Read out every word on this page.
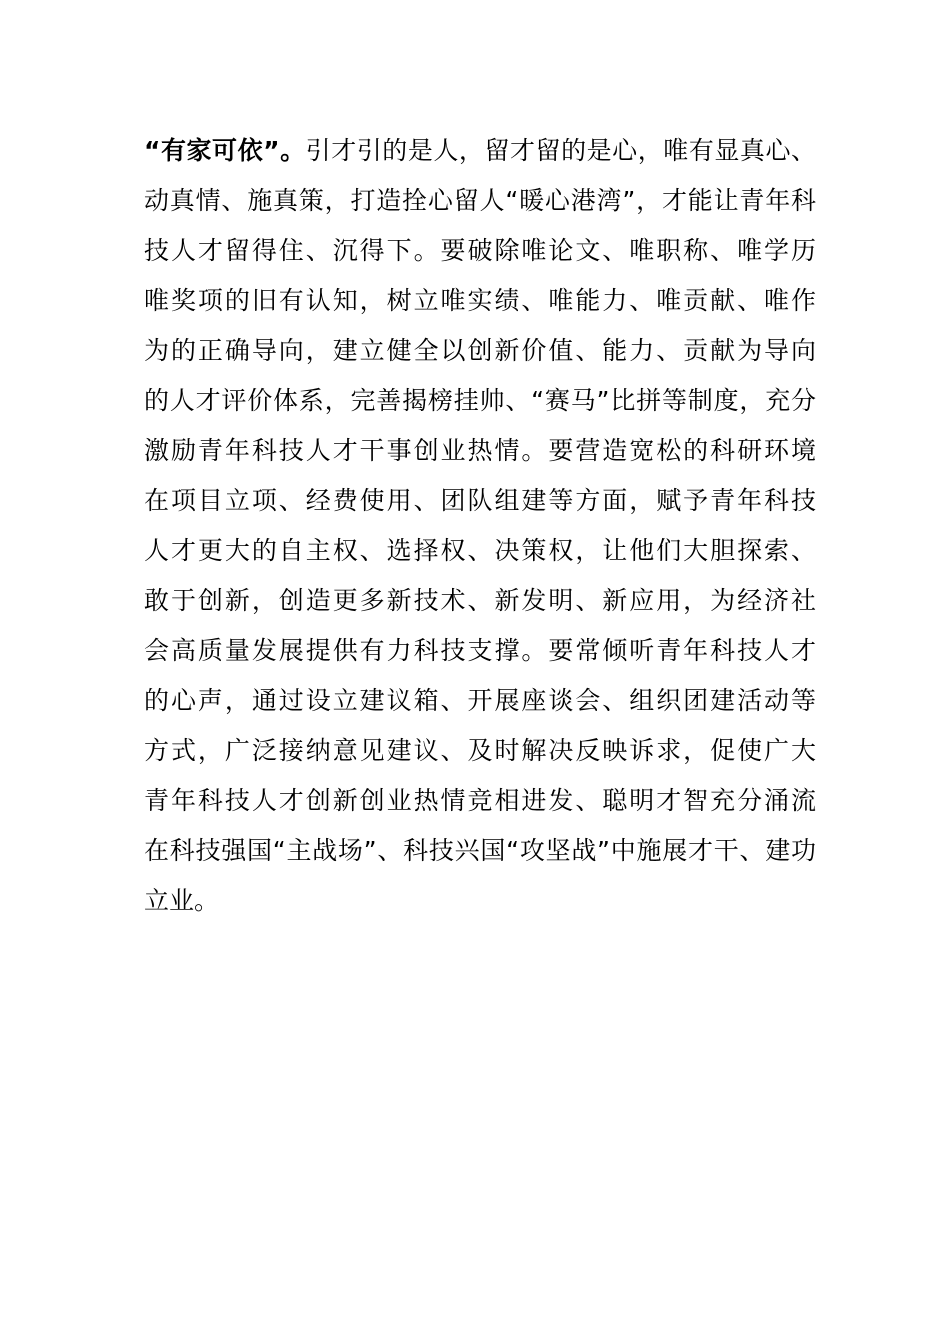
“有家可依”。引才引的是人，留才留的是心，唯有显真心、
动真情、施真策，打造拴心留人“暖心港湾”，才能让青年科
技人才留得住、沉得下。要破除唯论文、唯职称、唯学历
唯奖项的旧有认知，树立唯实绩、唯能力、唯贡献、唯作
为的正确导向，建立健全以创新价值、能力、贡献为导向
的人才评价体系，完善揭榜挂帅、“赛马”比拼等制度，充分
激励青年科技人才干事创业热情。要营造宽松的科研环境
在项目立项、经费使用、团队组建等方面，赋予青年科技
人才更大的自主权、选择权、决策权，让他们大胆探索、
敢于创新，创造更多新技术、新发明、新应用，为经济社
会高质量发展提供有力科技支撑。要常倾听青年科技人才
的心声，通过设立建议箱、开展座谈会、组织团建活动等
方式，广泛接纳意见建议、及时解决反映诉求，促使广大
青年科技人才创新创业热情竞相进发、聪明才智充分涌流
在科技强国“主战场”、科技兴国“攻坚战”中施展才干、建功
立业。
